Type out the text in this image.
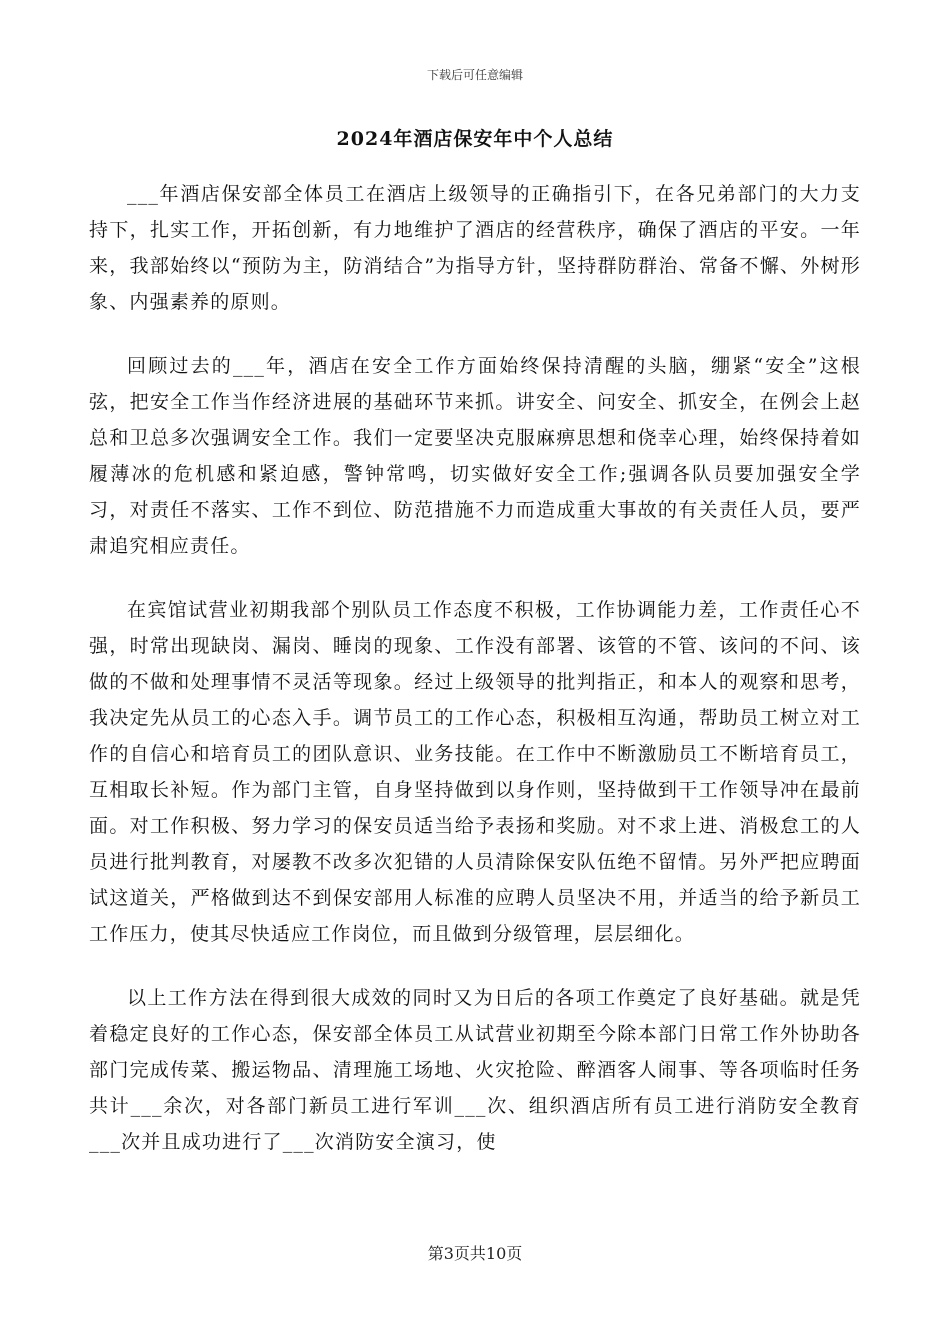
下载后可任意编辑
2024年酒店保安年中个人总结

___年酒店保安部全体员工在酒店上级领导的正确指引下，在各兄弟部门的大力支持下，扎实工作，开拓创新，有力地维护了酒店的经营秩序，确保了酒店的平安。一年来，我部始终以“预防为主，防消结合”为指导方针，坚持群防群治、常备不懈、外树形象、内强素养的原则。

回顾过去的___年，酒店在安全工作方面始终保持清醒的头脑，绷紧“安全”这根弦，把安全工作当作经济进展的基础环节来抓。讲安全、问安全、抓安全，在例会上赵总和卫总多次强调安全工作。我们一定要坚决克服麻痹思想和侥幸心理，始终保持着如履薄冰的危机感和紧迫感，警钟常鸣，切实做好安全工作;强调各队员要加强安全学习，对责任不落实、工作不到位、防范措施不力而造成重大事故的有关责任人员，要严肃追究相应责任。

在宾馆试营业初期我部个别队员工作态度不积极，工作协调能力差，工作责任心不强，时常出现缺岗、漏岗、睡岗的现象、工作没有部署、该管的不管、该问的不问、该做的不做和处理事情不灵活等现象。经过上级领导的批判指正，和本人的观察和思考，我决定先从员工的心态入手。调节员工的工作心态，积极相互沟通，帮助员工树立对工作的自信心和培育员工的团队意识、业务技能。在工作中不断激励员工不断培育员工，互相取长补短。作为部门主管，自身坚持做到以身作则，坚持做到干工作领导冲在最前面。对工作积极、努力学习的保安员适当给予表扬和奖励。对不求上进、消极怠工的人员进行批判教育，对屡教不改多次犯错的人员清除保安队伍绝不留情。另外严把应聘面试这道关，严格做到达不到保安部用人标准的应聘人员坚决不用，并适当的给予新员工工作压力，使其尽快适应工作岗位，而且做到分级管理，层层细化。

以上工作方法在得到很大成效的同时又为日后的各项工作奠定了良好基础。就是凭着稳定良好的工作心态，保安部全体员工从试营业初期至今除本部门日常工作外协助各部门完成传菜、搬运物品、清理施工场地、火灾抢险、醉酒客人闹事、等各项临时任务共计___余次，对各部门新员工进行军训___次、组织酒店所有员工进行消防安全教育___次并且成功进行了___次消防安全演习，使

第3页共10页
